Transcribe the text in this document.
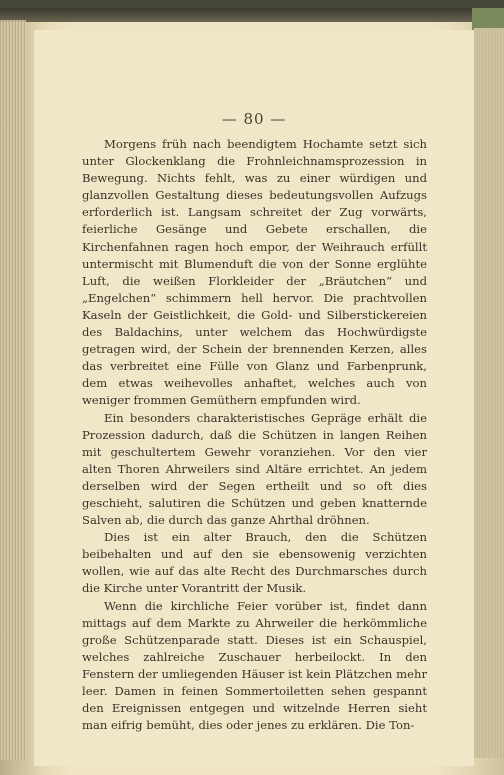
— 80 —

Morgens früh nach beendigtem Hochamte setzt sich unter Glockenklang die Frohnleichnamsprozession in Bewegung. Nichts fehlt, was zu einer würdigen und glanzvollen Gestaltung dieses bedeutungsvollen Aufzugs erforderlich ist. Langsam schreitet der Zug vorwärts, feierliche Gesänge und Gebete erschallen, die Kirchenfahnen ragen hoch empor, der Weihrauch erfüllt untermischt mit Blumenduft die von der Sonne erglühte Luft, die weißen Florkleider der „Bräutchen“ und „Engelchen“ schimmern hell hervor. Die prachtvollen Kaseln der Geistlichkeit, die Gold- und Silberstickereien des Baldachins, unter welchem das Hochwürdigste getragen wird, der Schein der brennenden Kerzen, alles das verbreitet eine Fülle von Glanz und Farbenprunk, dem etwas weihevolles anhaftet, welches auch von weniger frommen Gemüthern empfunden wird.

Ein besonders charakteristisches Gepräge erhält die Prozession dadurch, daß die Schützen in langen Reihen mit geschultertem Gewehr voranziehen. Vor den vier alten Thoren Ahrweilers sind Altäre errichtet. An jedem derselben wird der Segen ertheilt und so oft dies geschieht, salutiren die Schützen und geben knatternde Salven ab, die durch das ganze Ahrthal dröhnen.

Dies ist ein alter Brauch, den die Schützen beibehalten und auf den sie ebensowenig verzichten wollen, wie auf das alte Recht des Durchmarsches durch die Kirche unter Vorantritt der Musik.

Wenn die kirchliche Feier vorüber ist, findet dann mittags auf dem Markte zu Ahrweiler die herkömmliche große Schützenparade statt. Dieses ist ein Schauspiel, welches zahlreiche Zuschauer herbeilockt. In den Fenstern der umliegenden Häuser ist kein Plätzchen mehr leer. Damen in feinen Sommertoiletten sehen gespannt den Ereignissen entgegen und witzelnde Herren sieht man eifrig bemüht, dies oder jenes zu erklären. Die Ton-
